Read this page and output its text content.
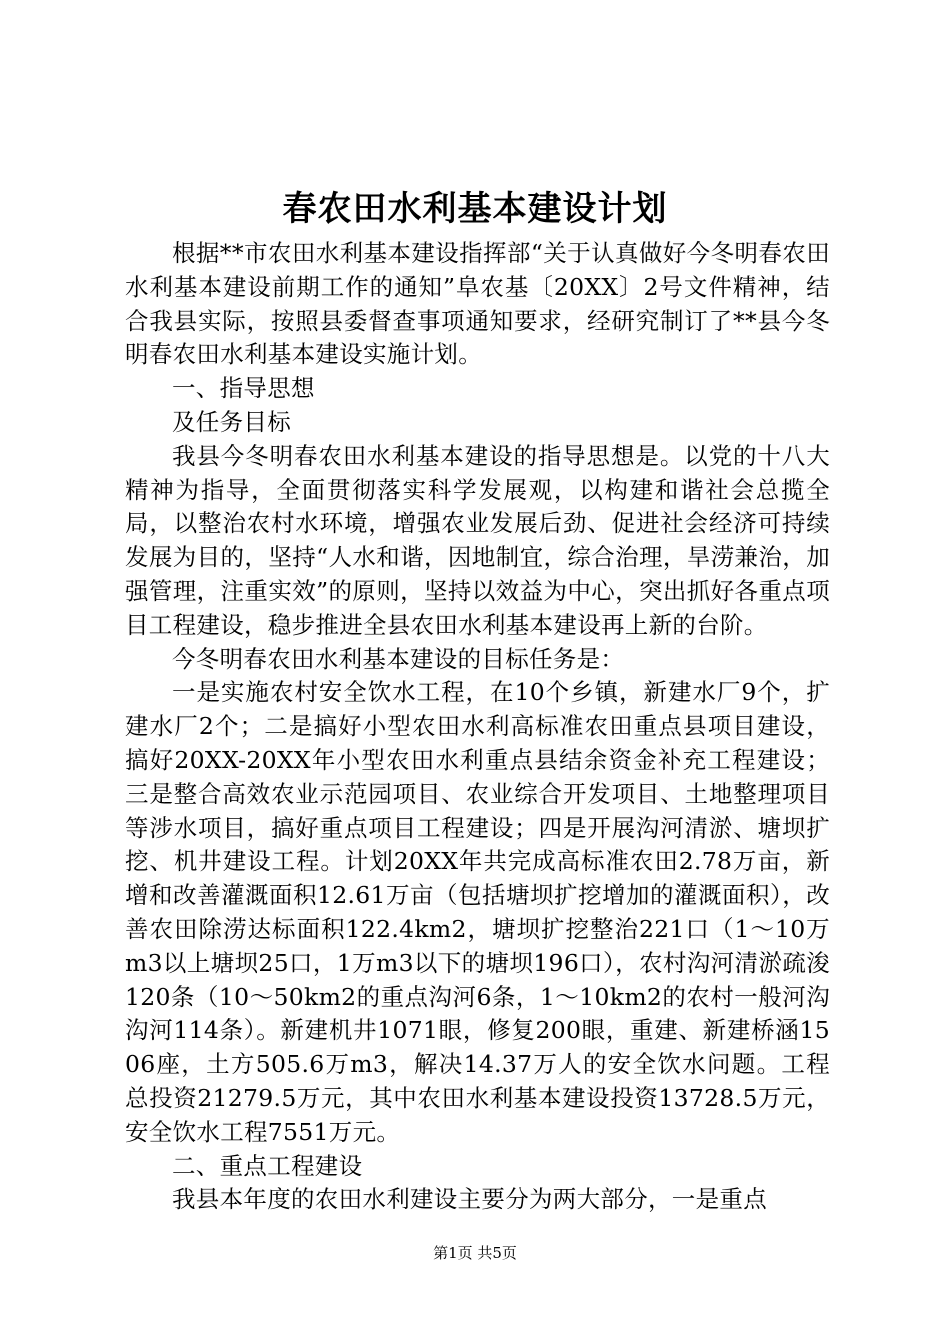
春农田水利基本建设计划

根据**市农田水利基本建设指挥部“关于认真做好今冬明春农田水利基本建设前期工作的通知”阜农基〔20XX〕2号文件精神，结合我县实际，按照县委督查事项通知要求，经研究制订了**县今冬明春农田水利基本建设实施计划。

一、指导思想

及任务目标

我县今冬明春农田水利基本建设的指导思想是。以党的十八大精神为指导，全面贯彻落实科学发展观，以构建和谐社会总揽全局，以整治农村水环境，增强农业发展后劲、促进社会经济可持续发展为目的，坚持“人水和谐，因地制宜，综合治理，旱涝兼治，加强管理，注重实效”的原则，坚持以效益为中心，突出抓好各重点项目工程建设，稳步推进全县农田水利基本建设再上新的台阶。

今冬明春农田水利基本建设的目标任务是：

一是实施农村安全饮水工程，在10个乡镇，新建水厂9个，扩建水厂2个；二是搞好小型农田水利高标准农田重点县项目建设，搞好20XX-20XX年小型农田水利重点县结余资金补充工程建设；三是整合高效农业示范园项目、农业综合开发项目、土地整理项目等涉水项目，搞好重点项目工程建设；四是开展沟河清淤、塘坝扩挖、机井建设工程。计划20XX年共完成高标准农田2.78万亩，新增和改善灌溉面积12.61万亩（包括塘坝扩挖增加的灌溉面积），改善农田除涝达标面积122.4km2，塘坝扩挖整治221口（1～10万m3以上塘坝25口，1万m3以下的塘坝196口），农村沟河清淤疏浚120条（10～50km2的重点沟河6条，1～10km2的农村一般河沟沟河114条）。新建机井1071眼，修复200眼，重建、新建桥涵1506座，土方505.6万m3，解决14.37万人的安全饮水问题。工程总投资21279.5万元，其中农田水利基本建设投资13728.5万元，安全饮水工程7551万元。

二、重点工程建设

我县本年度的农田水利建设主要分为两大部分，一是重点

第1页 共5页
